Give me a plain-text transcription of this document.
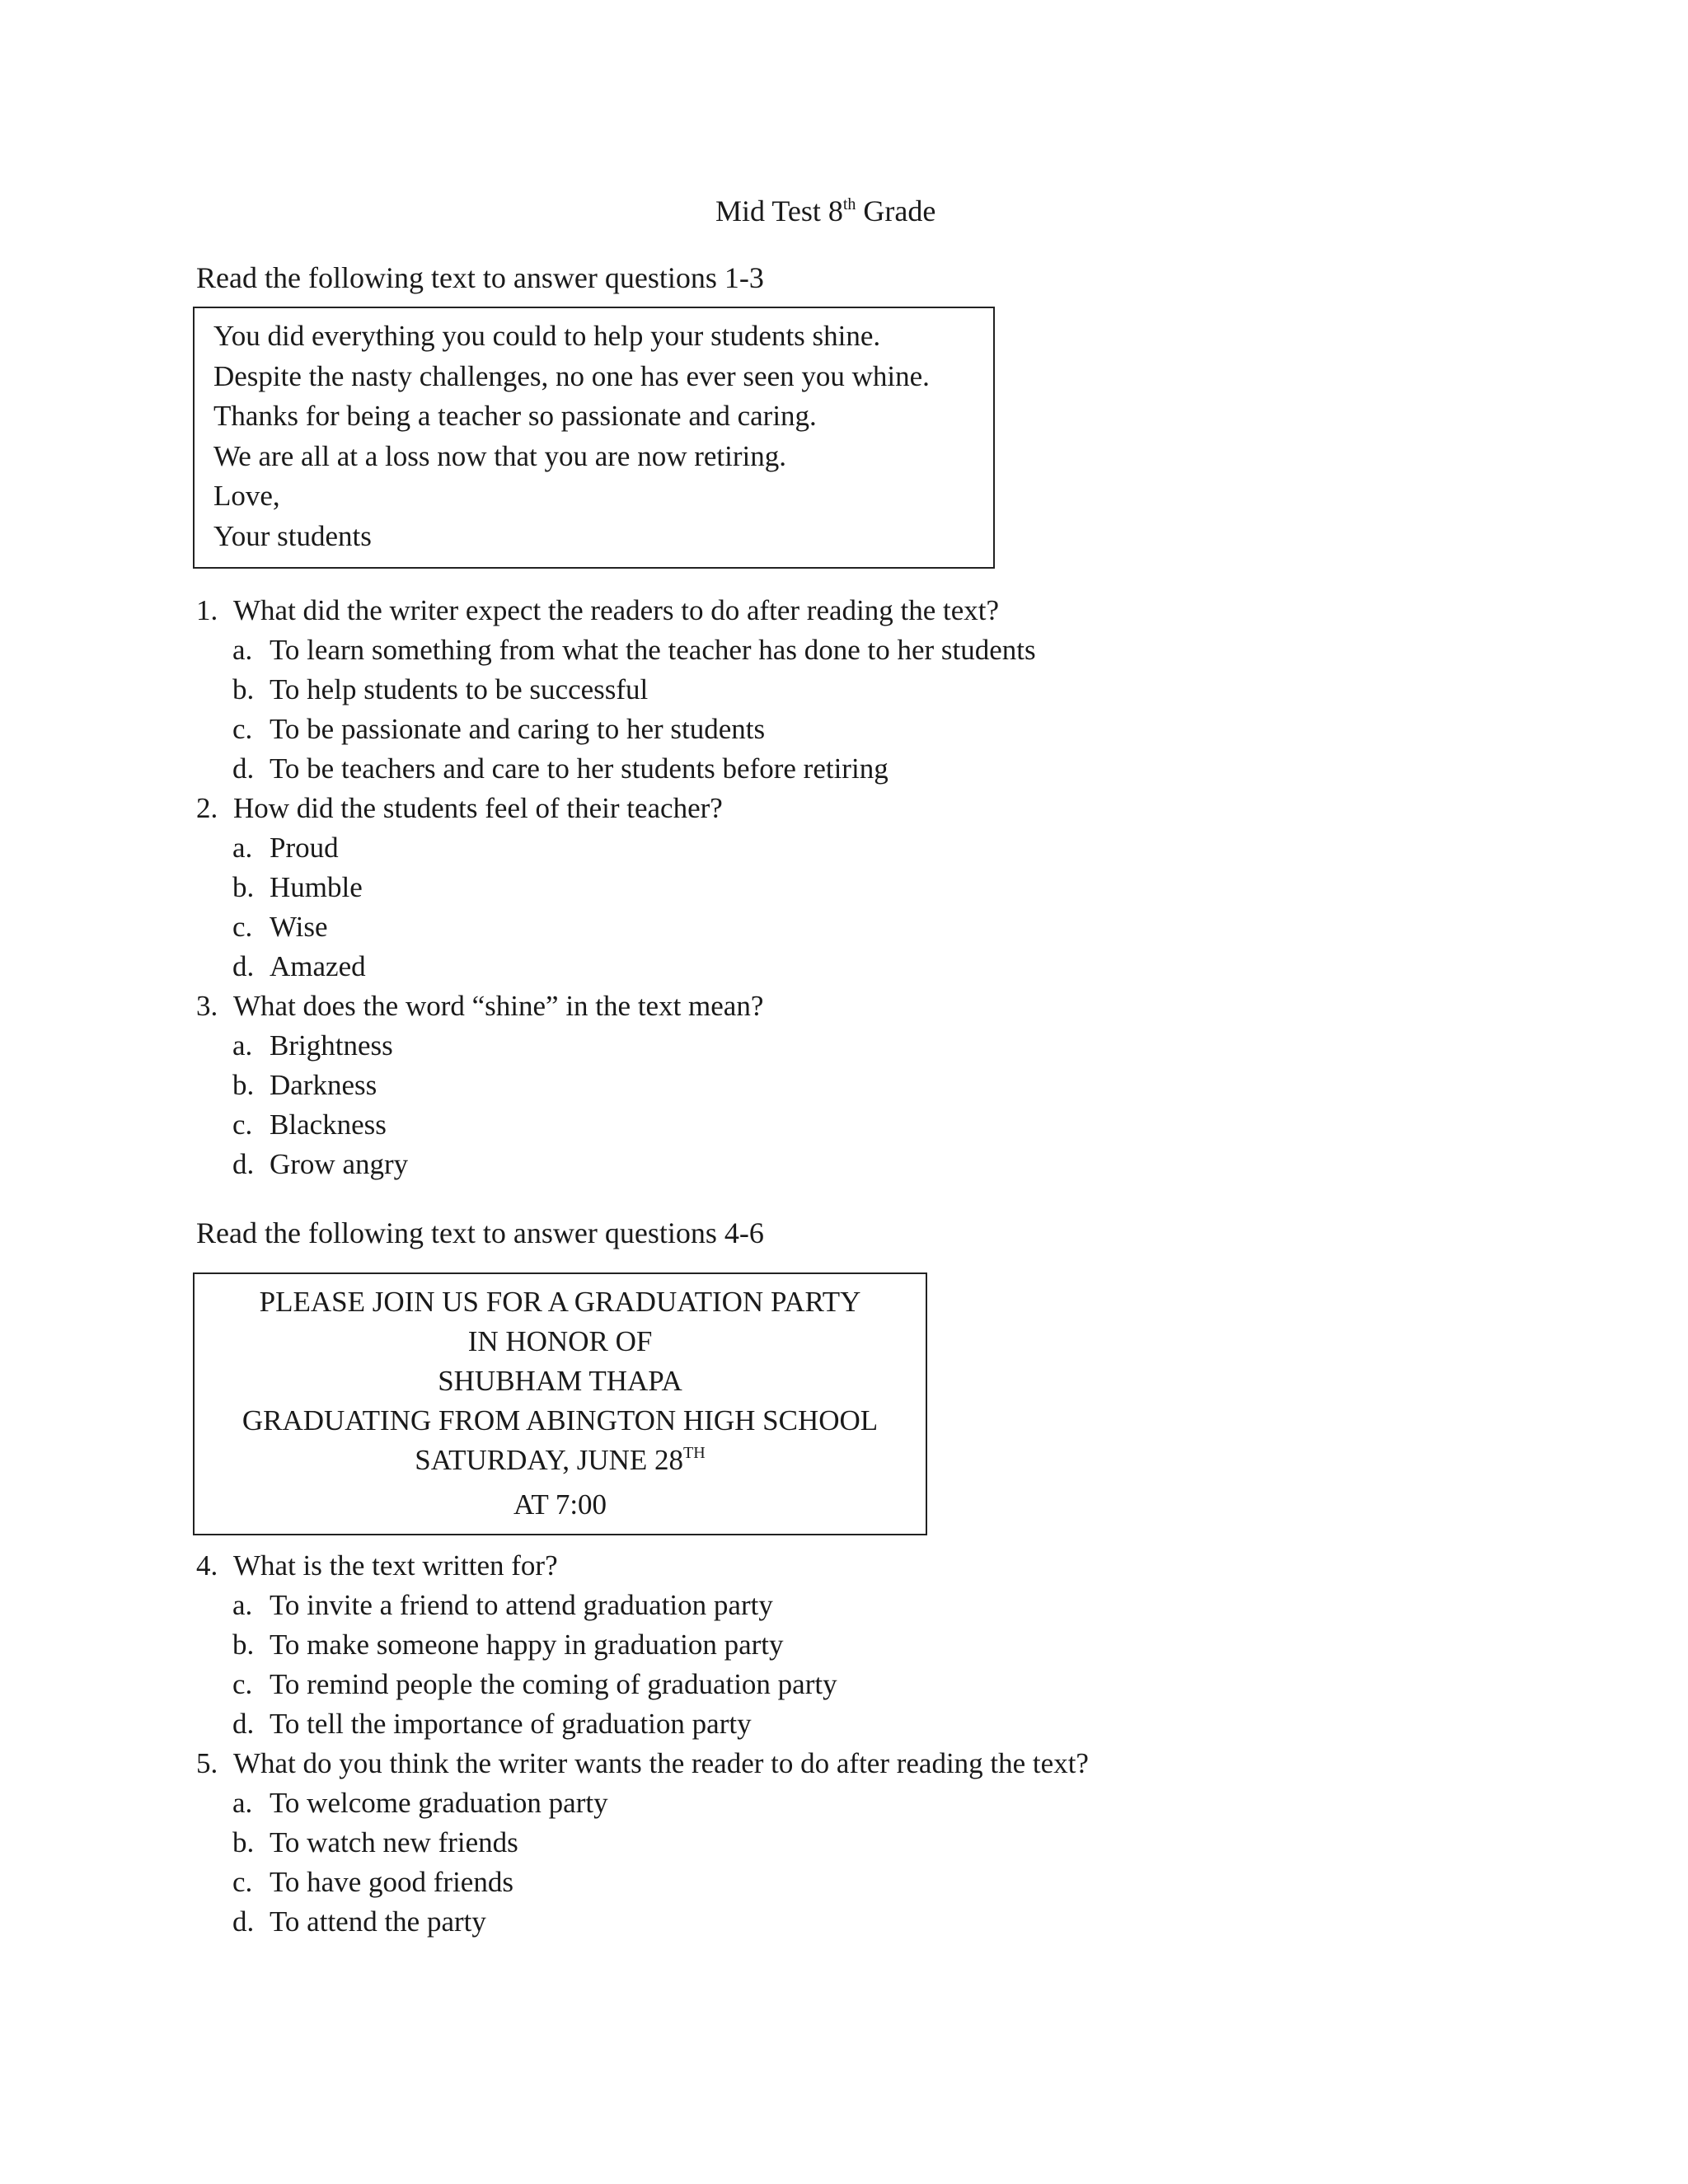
Mid Test 8th Grade
Read the following text to answer questions 1-3
You did everything you could to help your students shine.
Despite the nasty challenges, no one has ever seen you whine.
Thanks for being a teacher so passionate and caring.
We are all at a loss now that you are now retiring.
Love,
Your students
1. What did the writer expect the readers to do after reading the text?
a. To learn something from what the teacher has done to her students
b. To help students to be successful
c. To be passionate and caring to her students
d. To be teachers and care to her students before retiring
2. How did the students feel of their teacher?
a. Proud
b. Humble
c. Wise
d. Amazed
3. What does the word “shine” in the text mean?
a. Brightness
b. Darkness
c. Blackness
d. Grow angry
Read the following text to answer questions 4-6
PLEASE JOIN US FOR A GRADUATION PARTY
IN HONOR OF
SHUBHAM THAPA
GRADUATING FROM ABINGTON HIGH SCHOOL
SATURDAY, JUNE 28TH
AT 7:00
4. What is the text written for?
a. To invite a friend to attend graduation party
b. To make someone happy in graduation party
c. To remind people the coming of graduation party
d. To tell the importance of graduation party
5. What do you think the writer wants the reader to do after reading the text?
a. To welcome graduation party
b. To watch new friends
c. To have good friends
d. To attend the party
